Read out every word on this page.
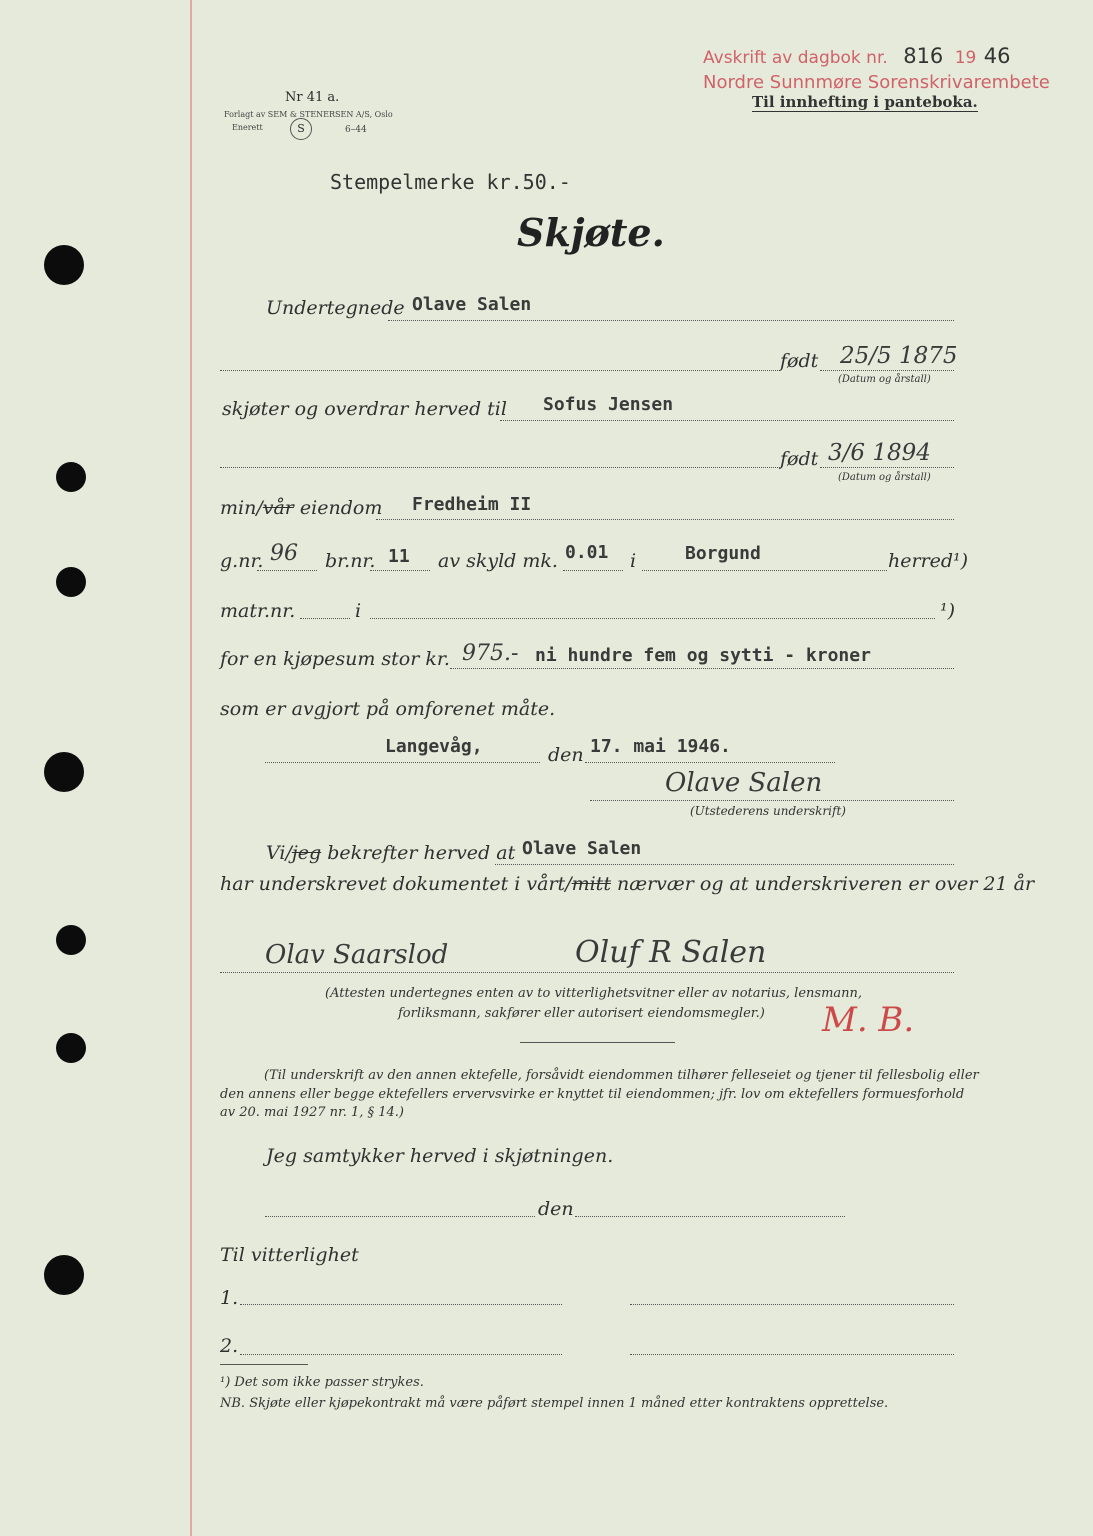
Avskrift av dagbok nr. 816 19 46
Nordre Sunnmøre Sorenskrivarembete
Til innhefting i panteboka.
Nr 41 a.
Forlagt av SEM & STENERSEN A/S, Oslo
Enerett	S	6–44
Stempelmerke kr.50.-
Skjøte.
Undertegnede Olave Salen
født 25/5 1875
(Datum og årstall)
skjøter og overdrar herved til Sofus Jensen
født 3/6 1894
(Datum og årstall)
min/vår eiendom Fredheim II
g.nr. 96 br.nr. 11 av skyld mk. 0.01 i	Borgund	herred¹)
matr.nr.	i	¹)
for en kjøpesum stor kr. 975.- ni hundre fem og sytti - kroner
som er avgjort på omforenet måte.
Langevåg,	den 17. mai 1946.
Olave Salen
(Utstederens underskrift)
Vi/jeg bekrefter herved at Olave Salen
har underskrevet dokumentet i vårt/mitt nærvær og at underskriveren er over 21 år
Olav Saarslod	Oluf R Salen
(Attesten undertegnes enten av to vitterlighetsvitner eller av notarius, lensmann,
forliksmann, sakfører eller autorisert eiendomsmegler.) M. B.
(Til underskrift av den annen ektefelle, forsåvidt eiendommen tilhører felleseiet og tjener til fellesbolig eller
den annens eller begge ektefellers ervervsvirke er knyttet til eiendommen; jfr. lov om ektefellers formuesforhold
av 20. mai 1927 nr. 1, § 14.)
Jeg samtykker herved i skjøtningen.
den
Til vitterlighet
1.
2.
¹) Det som ikke passer strykes.
NB. Skjøte eller kjøpekontrakt må være påført stempel innen 1 måned etter kontraktens opprettelse.
